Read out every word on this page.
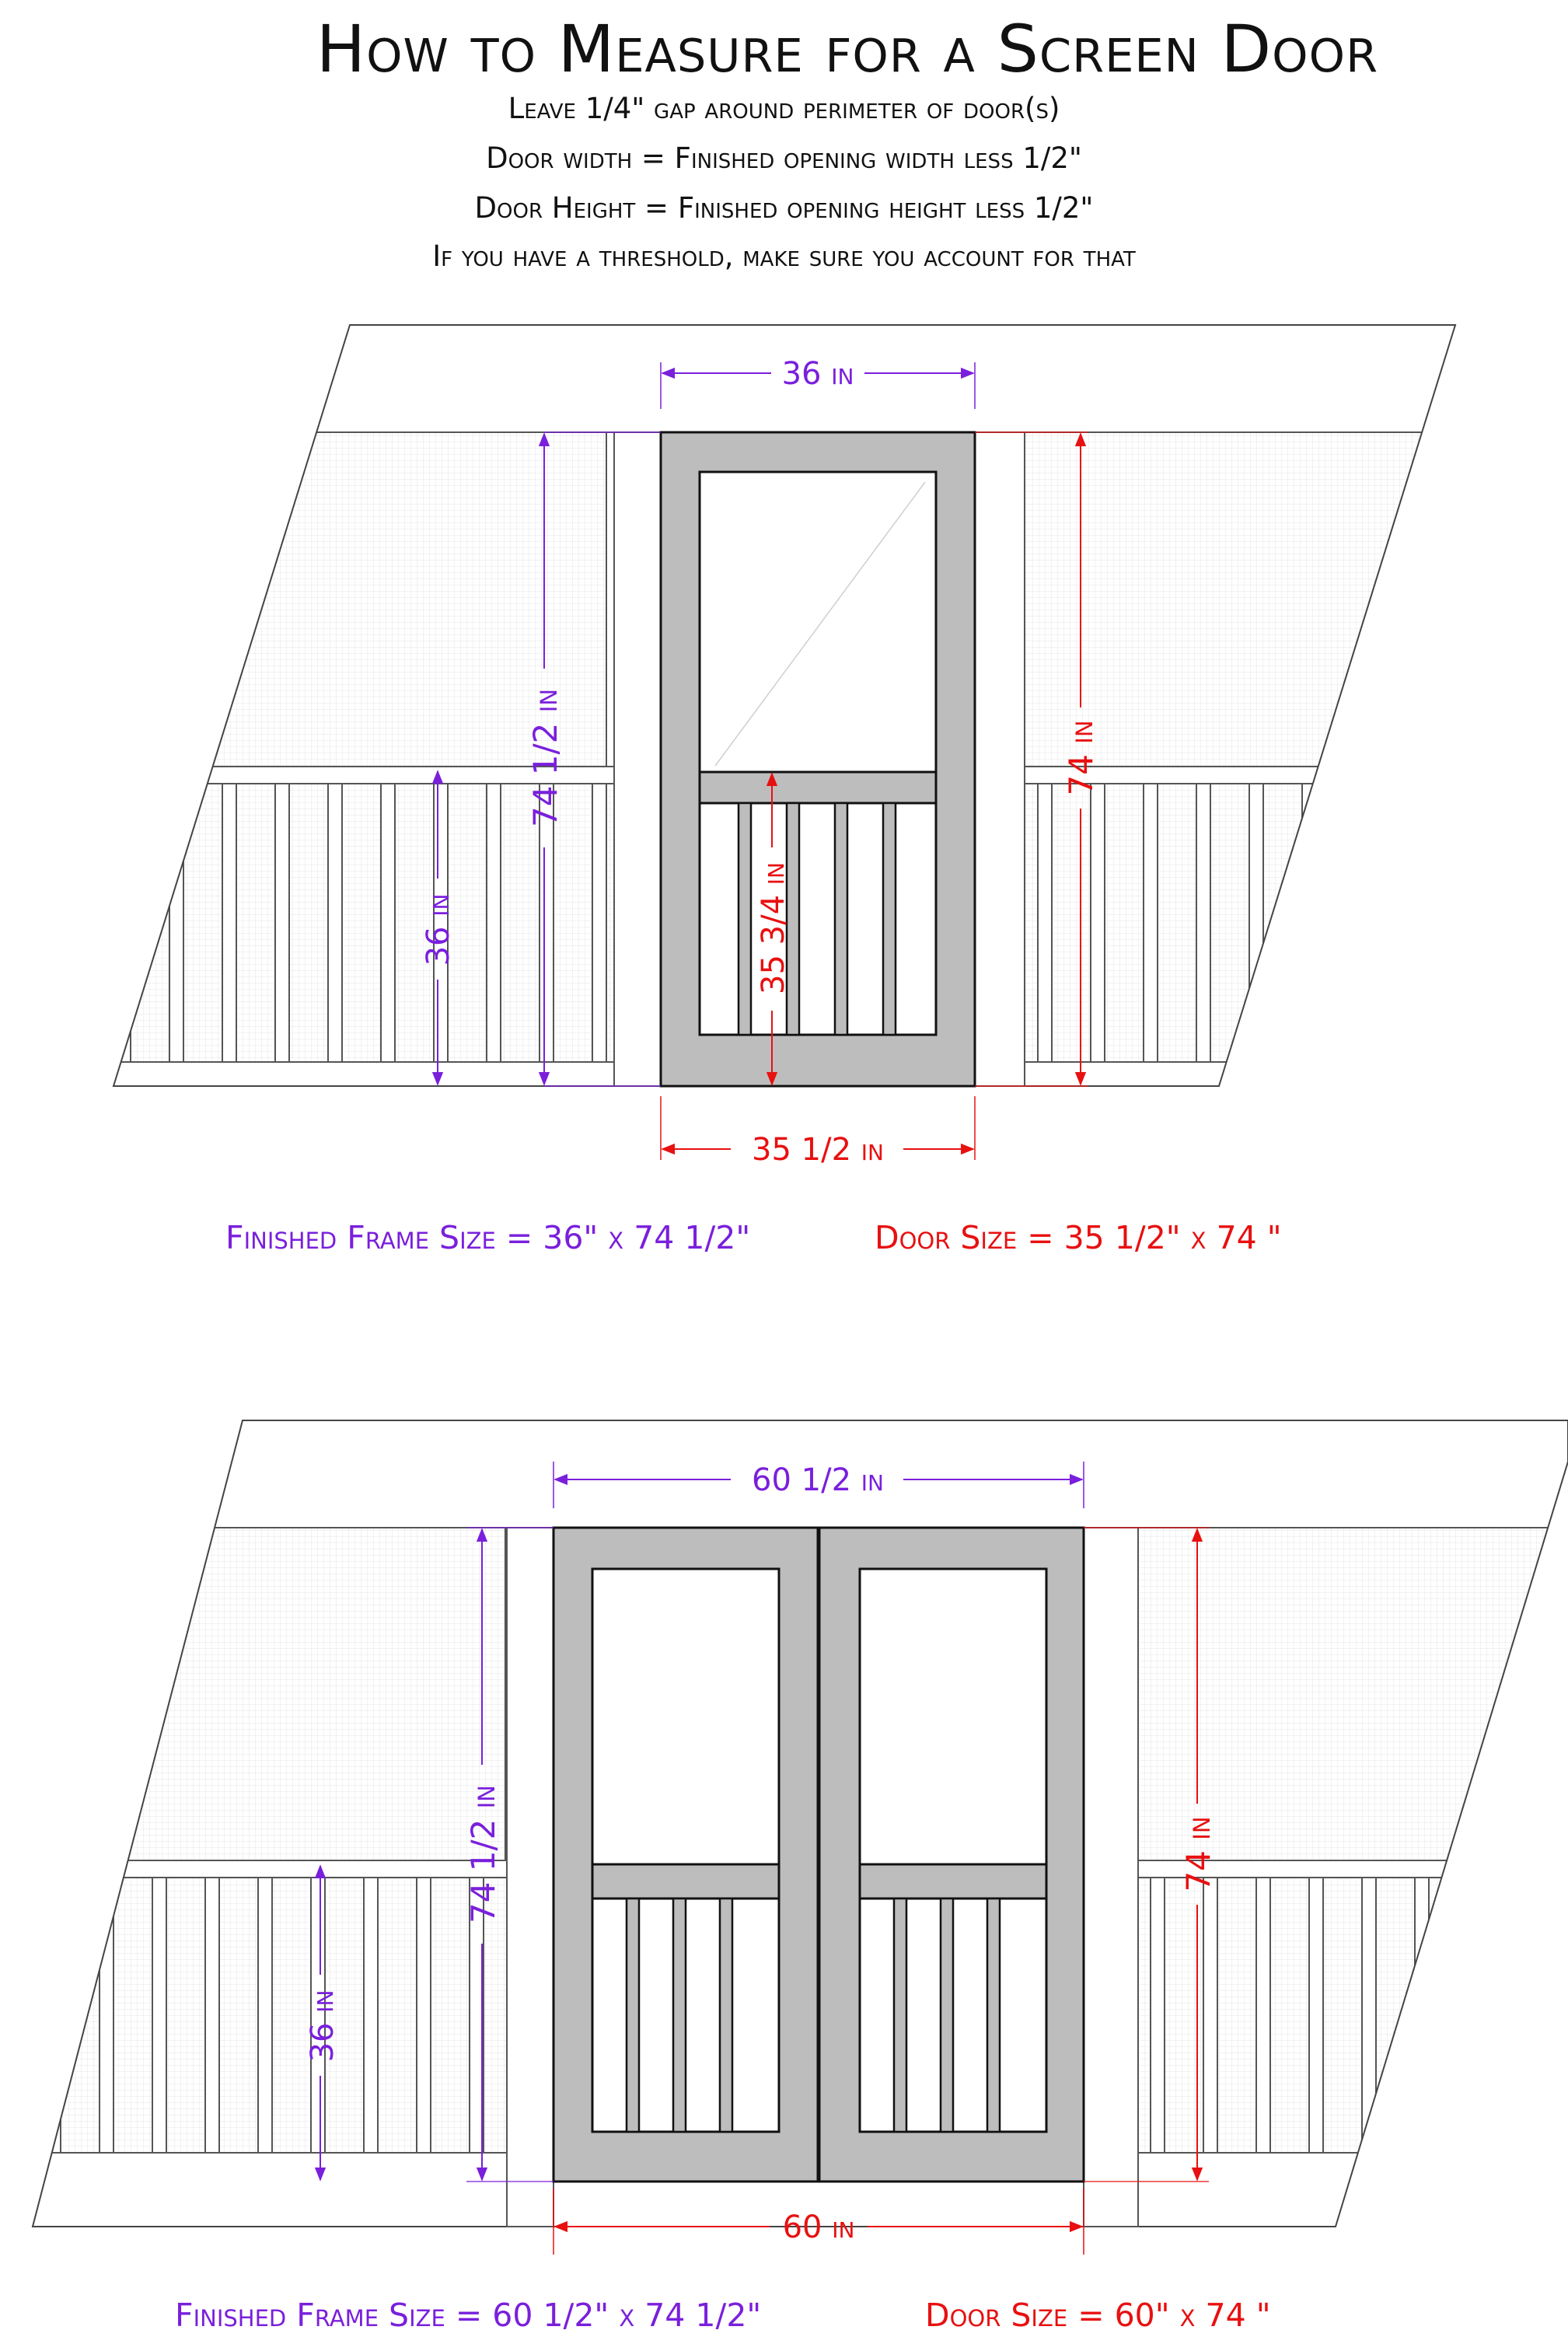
How to Measure for a Screen Door
Leave 1/4" gap around perimeter of door(s)
Door width = Finished opening width less 1/2"
Door Height = Finished opening height less 1/2"
If you have a threshold, make sure you account for that
36 in
74 1/2 in
36 in	35 3/4 in
74 in
35 1/2 in
Finished Frame Size = 36" x 74 1/2"	Door Size = 35 1/2" x 74 "
60 1/2 in
74 1/2 in
36 in
74 in
60 in
Finished Frame Size = 60 1/2" x 74 1/2"	Door Size = 60" x 74 "
